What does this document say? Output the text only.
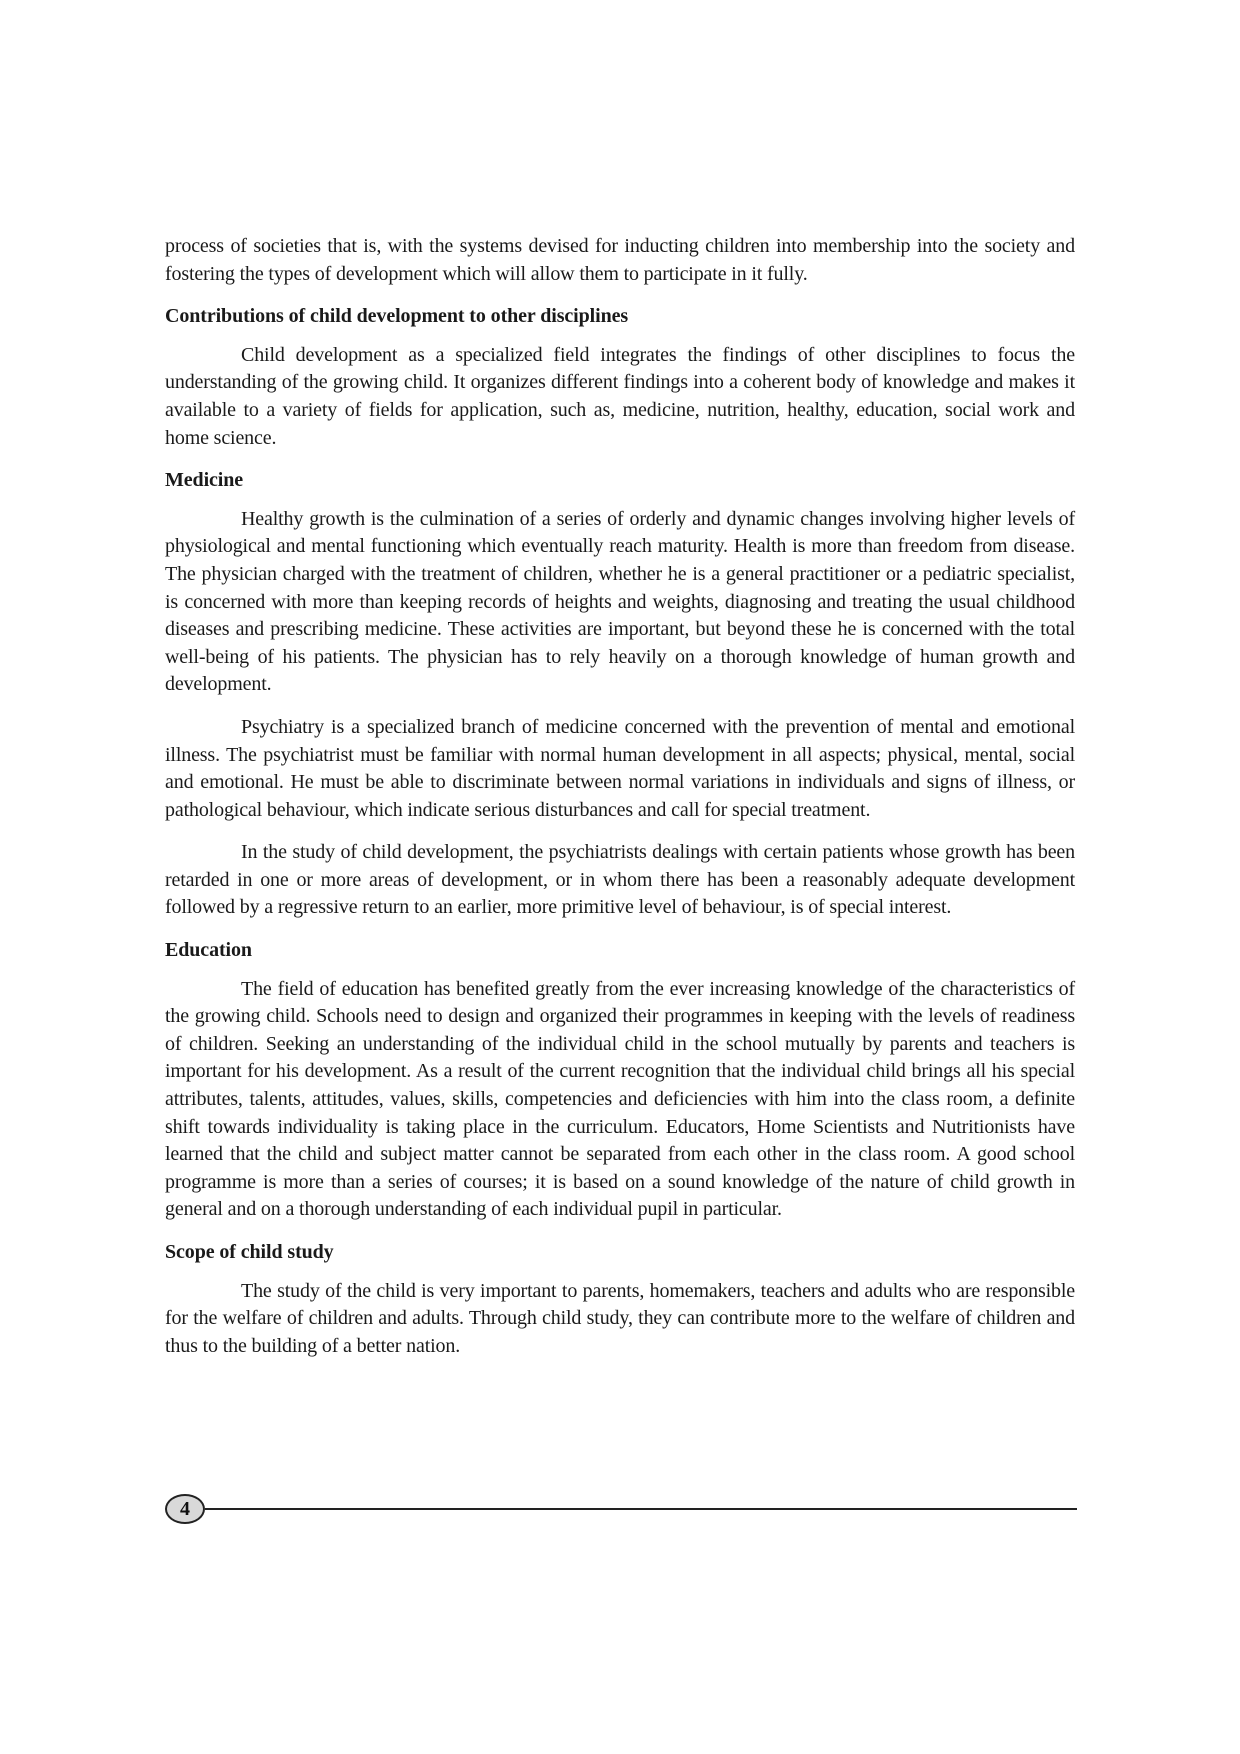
process of societies that is, with the systems devised for inducting children into membership into the society and fostering the types of development which will allow them to participate in it fully.

Contributions of child development to other disciplines

Child development as a specialized field integrates the findings of other disciplines to focus the understanding of the growing child. It organizes different findings into a coherent body of knowledge and makes it available to a variety of fields for application, such as, medicine, nutrition, healthy, education, social work and home science.

Medicine

Healthy growth is the culmination of a series of orderly and dynamic changes involving higher levels of physiological and mental functioning which eventually reach maturity. Health is more than freedom from disease. The physician charged with the treatment of children, whether he is a general practitioner or a pediatric specialist, is concerned with more than keeping records of heights and weights, diagnosing and treating the usual childhood diseases and prescribing medicine. These activities are important, but beyond these he is concerned with the total well-being of his patients. The physician has to rely heavily on a thorough knowledge of human growth and development.

Psychiatry is a specialized branch of medicine concerned with the prevention of mental and emotional illness. The psychiatrist must be familiar with normal human development in all aspects; physical, mental, social and emotional. He must be able to discriminate between normal variations in individuals and signs of illness, or pathological behaviour, which indicate serious disturbances and call for special treatment.

In the study of child development, the psychiatrists dealings with certain patients whose growth has been retarded in one or more areas of development, or in whom there has been a reasonably adequate development followed by a regressive return to an earlier, more primitive level of behaviour, is of special interest.

Education

The field of education has benefited greatly from the ever increasing knowledge of the characteristics of the growing child. Schools need to design and organized their programmes in keeping with the levels of readiness of children. Seeking an understanding of the individual child in the school mutually by parents and teachers is important for his development. As a result of the current recognition that the individual child brings all his special attributes, talents, attitudes, values, skills, competencies and deficiencies with him into the class room, a definite shift towards individuality is taking place in the curriculum. Educators, Home Scientists and Nutritionists have learned that the child and subject matter cannot be separated from each other in the class room. A good school programme is more than a series of courses; it is based on a sound knowledge of the nature of child growth in general and on a thorough understanding of each individual pupil in particular.

Scope of child study

The study of the child is very important to parents, homemakers, teachers and adults who are responsible for the welfare of children and adults. Through child study, they can contribute more to the welfare of children and thus to the building of a better nation.

4
